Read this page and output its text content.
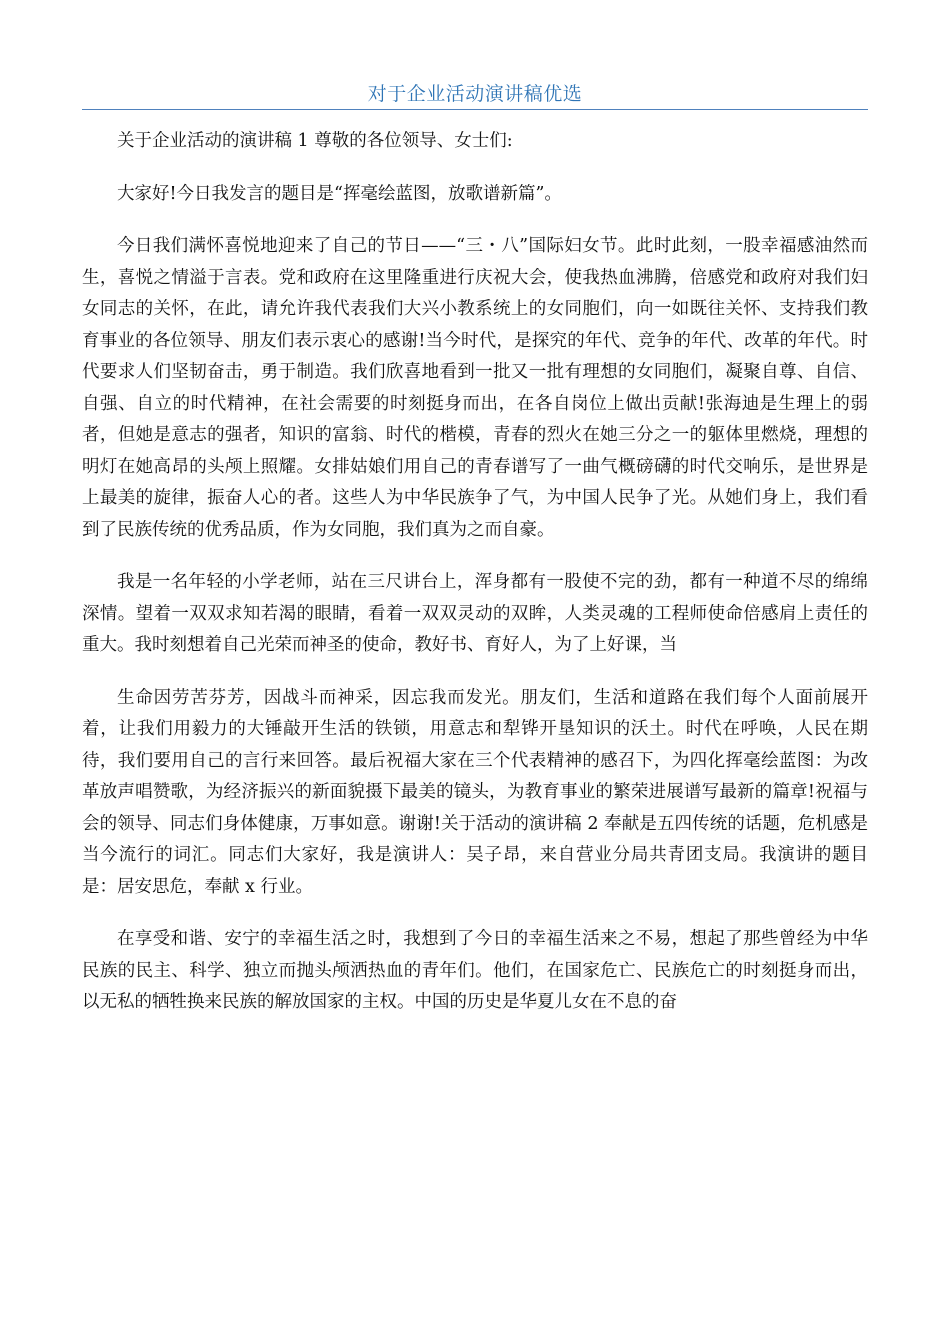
对于企业活动演讲稿优选

关于企业活动的演讲稿 1 尊敬的各位领导、女士们:

大家好!今日我发言的题目是“挥毫绘蓝图，放歌谱新篇”。

今日我们满怀喜悦地迎来了自己的节日——“三・八”国际妇女节。此时此刻，一股幸福感油然而生，喜悦之情溢于言表。党和政府在这里隆重进行庆祝大会，使我热血沸腾，倍感党和政府对我们妇女同志的关怀，在此，请允许我代表我们大兴小教系统上的女同胞们，向一如既往关怀、支持我们教育事业的各位领导、朋友们表示衷心的感谢!当今时代，是探究的年代、竞争的年代、改革的年代。时代要求人们坚韧奋击，勇于制造。我们欣喜地看到一批又一批有理想的女同胞们，凝聚自尊、自信、自强、自立的时代精神，在社会需要的时刻挺身而出，在各自岗位上做出贡献!张海迪是生理上的弱者，但她是意志的强者，知识的富翁、时代的楷模，青春的烈火在她三分之一的躯体里燃烧，理想的明灯在她高昂的头颅上照耀。女排姑娘们用自己的青春谱写了一曲气概磅礴的时代交响乐，是世界是上最美的旋律，振奋人心的者。这些人为中华民族争了气，为中国人民争了光。从她们身上，我们看到了民族传统的优秀品质，作为女同胞，我们真为之而自豪。

我是一名年轻的小学老师，站在三尺讲台上，浑身都有一股使不完的劲，都有一种道不尽的绵绵深情。望着一双双求知若渴的眼睛，看着一双双灵动的双眸，人类灵魂的工程师使命倍感肩上责任的重大。我时刻想着自己光荣而神圣的使命，教好书、育好人，为了上好课，当

生命因劳苦芬芳，因战斗而神采，因忘我而发光。朋友们，生活和道路在我们每个人面前展开着，让我们用毅力的大锤敲开生活的铁锁，用意志和犁铧开垦知识的沃土。时代在呼唤，人民在期待，我们要用自己的言行来回答。最后祝福大家在三个代表精神的感召下，为四化挥毫绘蓝图：为改革放声唱赞歌，为经济振兴的新面貌摄下最美的镜头，为教育事业的繁荣进展谱写最新的篇章!祝福与会的领导、同志们身体健康，万事如意。谢谢!关于活动的演讲稿 2 奉献是五四传统的话题，危机感是当今流行的词汇。同志们大家好，我是演讲人：吴子昂，来自营业分局共青团支局。我演讲的题目是：居安思危，奉献 x 行业。

在享受和谐、安宁的幸福生活之时，我想到了今日的幸福生活来之不易，想起了那些曾经为中华民族的民主、科学、独立而抛头颅洒热血的青年们。他们，在国家危亡、民族危亡的时刻挺身而出，以无私的牺牲换来民族的解放国家的主权。中国的历史是华夏儿女在不息的奋
